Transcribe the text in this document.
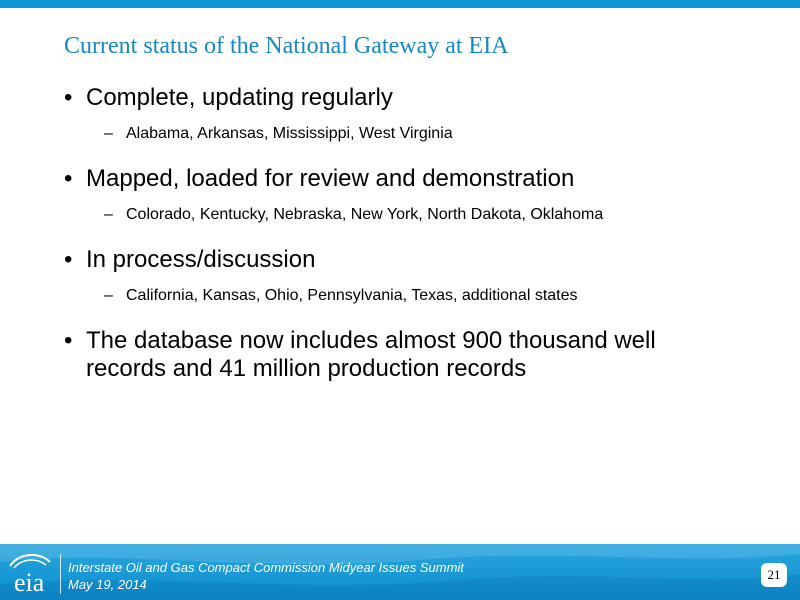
Current status of the National Gateway at EIA
• Complete, updating regularly
– Alabama, Arkansas, Mississippi, West Virginia
• Mapped, loaded for review and demonstration
– Colorado, Kentucky, Nebraska, New York, North Dakota, Oklahoma
• In process/discussion
– California, Kansas, Ohio, Pennsylvania, Texas, additional states
• The database now includes almost 900 thousand well records and 41 million production records
eia
Interstate Oil and Gas Compact Commission Midyear Issues Summit
May 19, 2014
21
